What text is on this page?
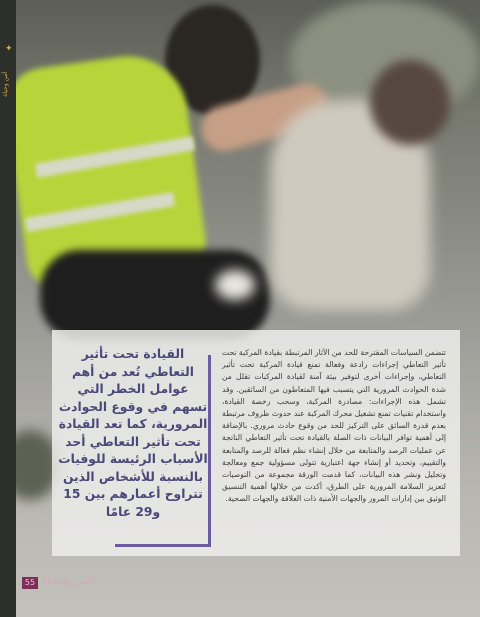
✦
أمن وحياة

تتضمن السياسات المقترحة للحد من الآثار المرتبطة بقيادة المركبة تحت تأثير التعاطي إجراءات رادعة وفعالة تمنع قيادة المركبة تحت تأثير التعاطي، وإجراءات أخرى لتوفير بيئة آمنة لقيادة المركبات تقلل من شدة الحوادث المرورية التي يتسبب فيها المتعاطون من السائقين. وقد تشمل هذه الإجراءات: مصادرة المركبة، وسحب رخصة القيادة، واستخدام تقنيات تمنع تشغيل محرك المركبة عند حدوث ظروف مرتبطة بعدم قدرة السائق على التركيز للحد من وقوع حادث مروري. بالإضافة إلى أهمية توافر البيانات ذات الصلة بالقيادة تحت تأثير التعاطي الناتجة عن عمليات الرصد والمتابعة من خلال إنشاء نظم فعالة للرصد والمتابعة والتقييم، وتحديد أو إنشاء جهة اعتبارية تتولى مسؤولية جمع ومعالجة وتحليل ونشر هذه البيانات، كما قدمت الورقة مجموعة من التوصيات لتعزيز السلامة المرورية على الطرق، أكدت من خلالها أهمية التنسيق الوثيق بين إدارات المرور والجهات الأمنية ذات العلاقة والجهات الصحية.

القيادة تحت تأثير التعاطي تُعد من أهم عوامل الخطر التي تسهم في وقوع الحوادث المرورية، كما تعد القيادة تحت تأثير التعاطي أحد الأسباب الرئيسة للوفيات بالنسبة للأشخاص الذين تتراوح أعمارهم بين 15 و29 عامًا

55 الأمن والحياة
